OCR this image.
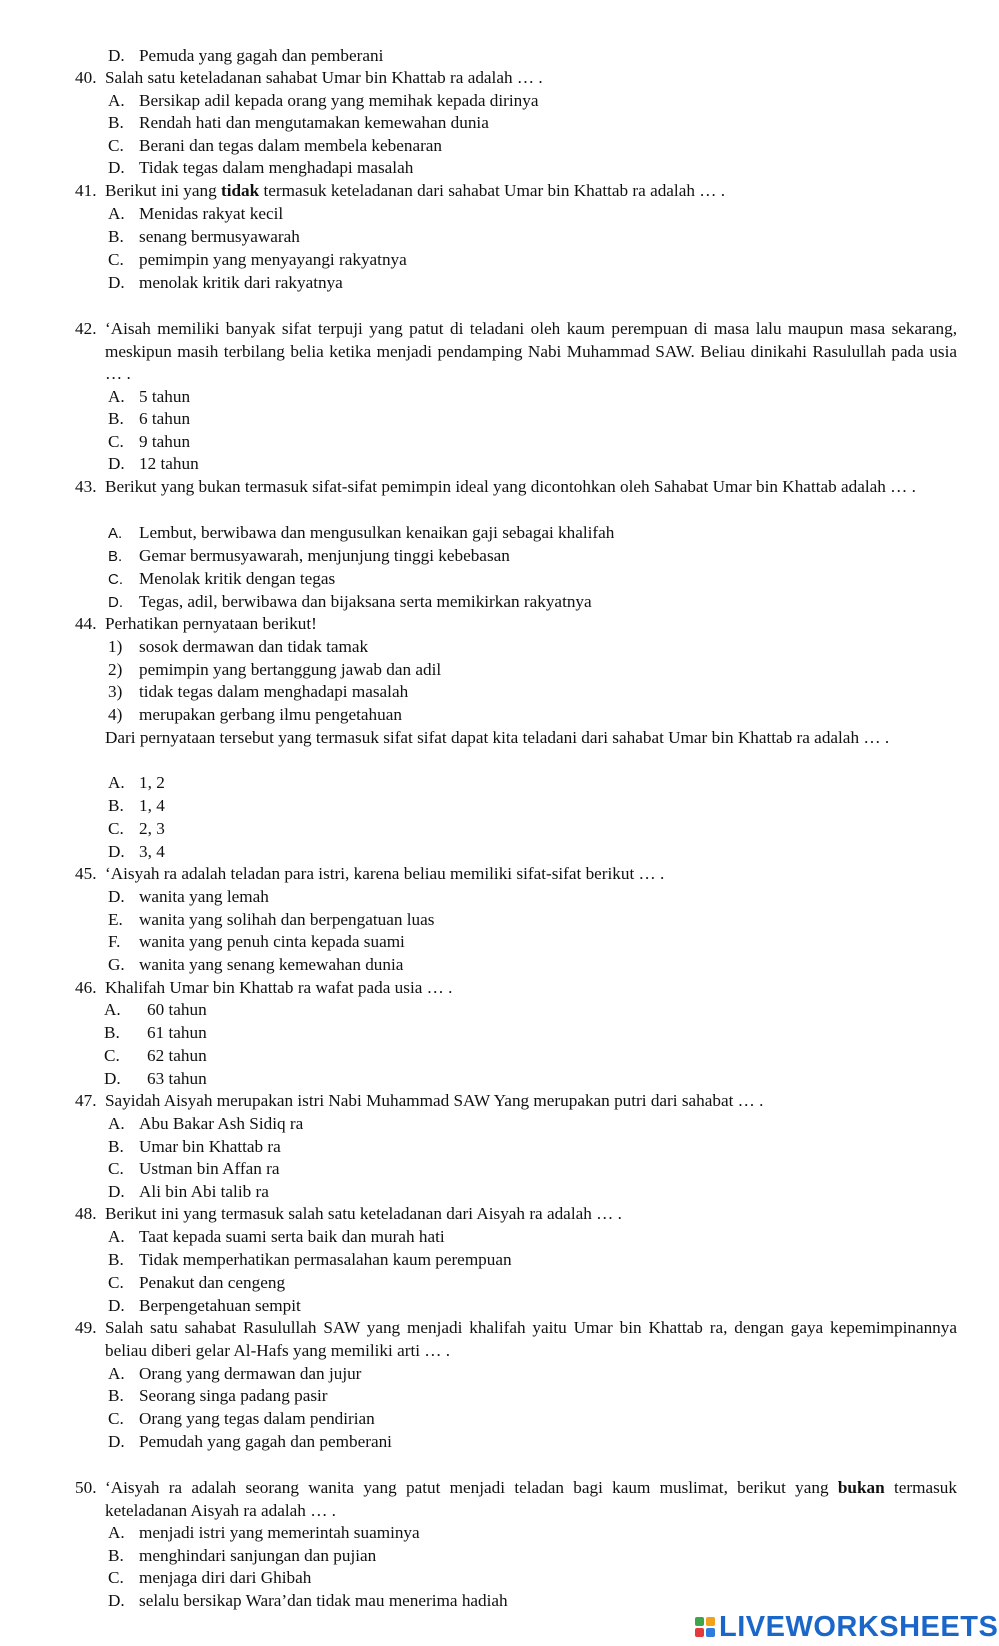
D. Pemuda yang gagah dan pemberani
40. Salah satu keteladanan sahabat Umar bin Khattab ra adalah … .
A. Bersikap adil kepada orang yang memihak kepada dirinya
B. Rendah hati dan mengutamakan kemewahan dunia
C. Berani dan tegas dalam membela kebenaran
D. Tidak tegas dalam menghadapi masalah
41. Berikut ini yang tidak termasuk keteladanan dari sahabat Umar bin Khattab ra adalah … .
A. Menidas rakyat kecil
B. senang bermusyawarah
C. pemimpin yang menyayangi rakyatnya
D. menolak kritik dari rakyatnya
42. ‘Aisah memiliki banyak sifat terpuji yang patut di teladani oleh kaum perempuan di masa lalu maupun masa sekarang, meskipun masih terbilang belia ketika menjadi pendamping Nabi Muhammad SAW. Beliau dinikahi Rasulullah pada usia … .
A. 5 tahun
B. 6 tahun
C. 9 tahun
D. 12 tahun
43. Berikut yang bukan termasuk sifat-sifat pemimpin ideal yang dicontohkan oleh Sahabat Umar bin Khattab adalah … .
A. Lembut, berwibawa dan mengusulkan kenaikan gaji sebagai khalifah
B. Gemar bermusyawarah, menjunjung tinggi kebebasan
C. Menolak kritik dengan tegas
D. Tegas, adil, berwibawa dan bijaksana serta memikirkan rakyatnya
44. Perhatikan pernyataan berikut!
1) sosok dermawan dan tidak tamak
2) pemimpin yang bertanggung jawab dan adil
3) tidak tegas dalam menghadapi masalah
4) merupakan gerbang ilmu pengetahuan
Dari pernyataan tersebut yang termasuk sifat sifat dapat kita teladani dari sahabat Umar bin Khattab ra adalah … .
A. 1, 2
B. 1, 4
C. 2, 3
D. 3, 4
45. ‘Aisyah ra adalah teladan para istri, karena beliau memiliki sifat-sifat berikut … .
D. wanita yang lemah
E. wanita yang solihah dan berpengatuan luas
F. wanita yang penuh cinta kepada suami
G. wanita yang senang kemewahan dunia
46. Khalifah Umar bin Khattab ra wafat pada usia … .
A. 60 tahun
B. 61 tahun
C. 62 tahun
D. 63 tahun
47. Sayidah Aisyah merupakan istri Nabi Muhammad SAW Yang merupakan putri dari sahabat … .
A. Abu Bakar Ash Sidiq ra
B. Umar bin Khattab ra
C. Ustman bin Affan ra
D. Ali bin Abi talib ra
48. Berikut ini yang termasuk salah satu keteladanan dari Aisyah ra adalah … .
A. Taat kepada suami serta baik dan murah hati
B. Tidak memperhatikan permasalahan kaum perempuan
C. Penakut dan cengeng
D. Berpengetahuan sempit
49. Salah satu sahabat Rasulullah SAW yang menjadi khalifah yaitu Umar bin Khattab ra, dengan gaya kepemimpinannya beliau diberi gelar Al-Hafs yang memiliki arti … .
A. Orang yang dermawan dan jujur
B. Seorang singa padang pasir
C. Orang yang tegas dalam pendirian
D. Pemudah yang gagah dan pemberani
50. ‘Aisyah ra adalah seorang wanita yang patut menjadi teladan bagi kaum muslimat, berikut yang bukan termasuk keteladanan Aisyah ra adalah … .
A. menjadi istri yang memerintah suaminya
B. menghindari sanjungan dan pujian
C. menjaga diri dari Ghibah
D. selalu bersikap Wara’dan tidak mau menerima hadiah
LIVEWORKSHEETS
